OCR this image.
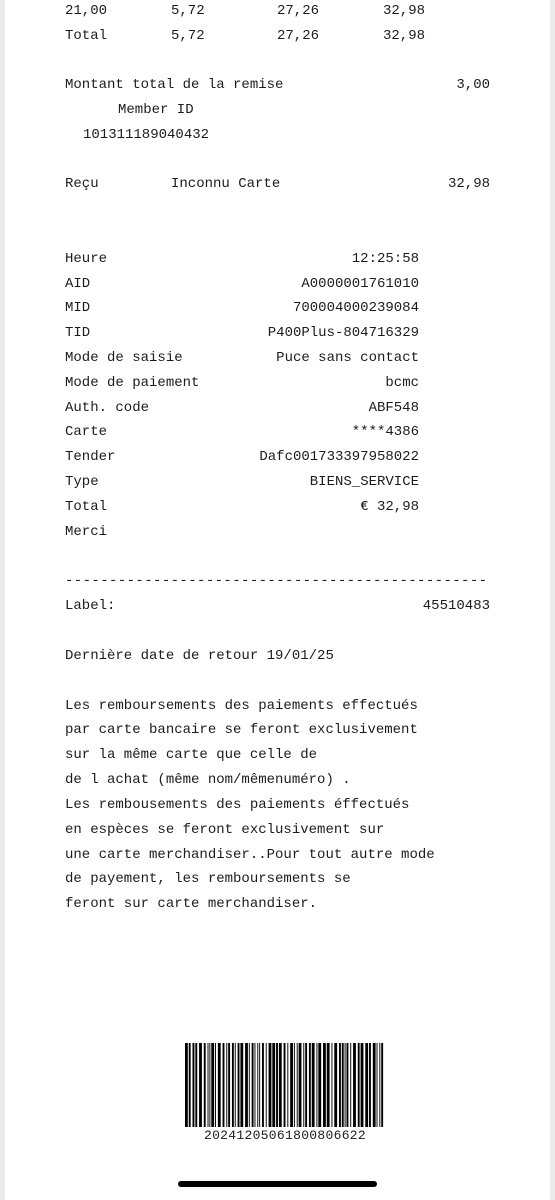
21,00	5,72	27,26	32,98
Total	5,72	27,26	32,98
Montant total de la remise	3,00
Member ID
101311189040432
Reçu	Inconnu Carte	32,98
Heure	12:25:58
AID	A0000001761010
MID	700004000239084
TID	P400Plus-804716329
Mode de saisie	Puce sans contact
Mode de paiement	bcmc
Auth. code	ABF548
Carte	****4386
Tender	Dafc001733397958022
Type	BIENS_SERVICE
Total	€ 32,98
Merci
------------------------------------------------
Label:	45510483
Dernière date de retour 19/01/25
Les remboursements des paiements effectués
par carte bancaire se feront exclusivement
sur la même carte que celle de
de l achat (même nom/mêmenuméro) .
Les rembousements des paiements éffectués
en espèces se feront exclusivement sur
une carte merchandiser..Pour tout autre mode
de payement, les remboursements se
feront sur carte merchandiser.
20241205061800806622
